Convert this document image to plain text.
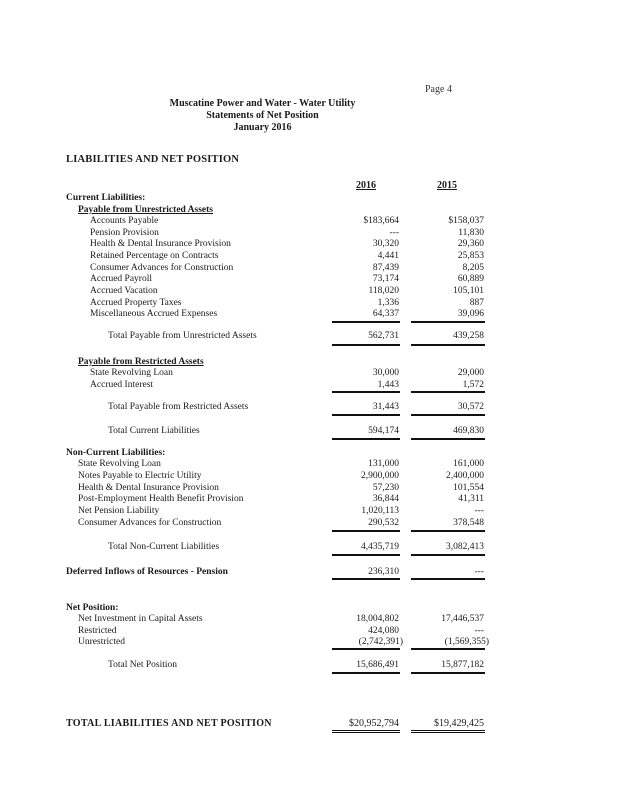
Page 4
Muscatine Power and Water - Water Utility
Statements of Net Position
January 2016
LIABILITIES AND NET POSITION
2016	2015
Current Liabilities:
Payable from Unrestricted Assets
Accounts Payable	$183,664	$158,037
Pension Provision	---	11,830
Health & Dental Insurance Provision	30,320	29,360
Retained Percentage on Contracts	4,441	25,853
Consumer Advances for Construction	87,439	8,205
Accrued Payroll	73,174	60,889
Accrued Vacation	118,020	105,101
Accrued Property Taxes	1,336	887
Miscellaneous Accrued Expenses	64,337	39,096
Total Payable from Unrestricted Assets	562,731	439,258
Payable from Restricted Assets
State Revolving Loan	30,000	29,000
Accrued Interest	1,443	1,572
Total Payable from Restricted Assets	31,443	30,572
Total Current Liabilities	594,174	469,830
Non-Current Liabilities:
State Revolving Loan	131,000	161,000
Notes Payable to Electric Utility	2,900,000	2,400,000
Health & Dental Insurance Provision	57,230	101,554
Post-Employment Health Benefit Provision	36,844	41,311
Net Pension Liability	1,020,113	---
Consumer Advances for Construction	290,532	378,548
Total Non-Current Liabilities	4,435,719	3,082,413
Deferred Inflows of Resources - Pension	236,310	---
Net Position:
Net Investment in Capital Assets	18,004,802	17,446,537
Restricted	424,080	---
Unrestricted	(2,742,391)	(1,569,355)
Total Net Position	15,686,491	15,877,182
TOTAL LIABILITIES AND NET POSITION	$20,952,794	$19,429,425
